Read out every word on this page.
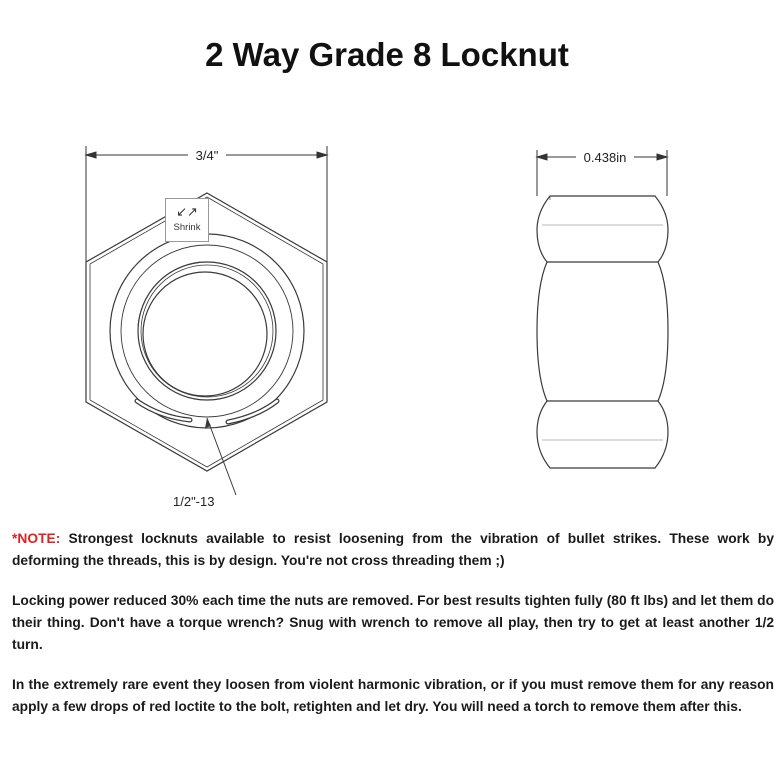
2 Way Grade 8 Locknut
3/4"
1/2"-13
0.438in
↙↗
Shrink

*NOTE: Strongest locknuts available to resist loosening from the vibration of bullet strikes. These work by deforming the threads, this is by design. You're not cross threading them ;)

Locking power reduced 30% each time the nuts are removed. For best results tighten fully (80 ft lbs) and let them do their thing. Don't have a torque wrench? Snug with wrench to remove all play, then try to get at least another 1/2 turn.

In the extremely rare event they loosen from violent harmonic vibration, or if you must remove them for any reason apply a few drops of red loctite to the bolt, retighten and let dry. You will need a torch to remove them after this.
